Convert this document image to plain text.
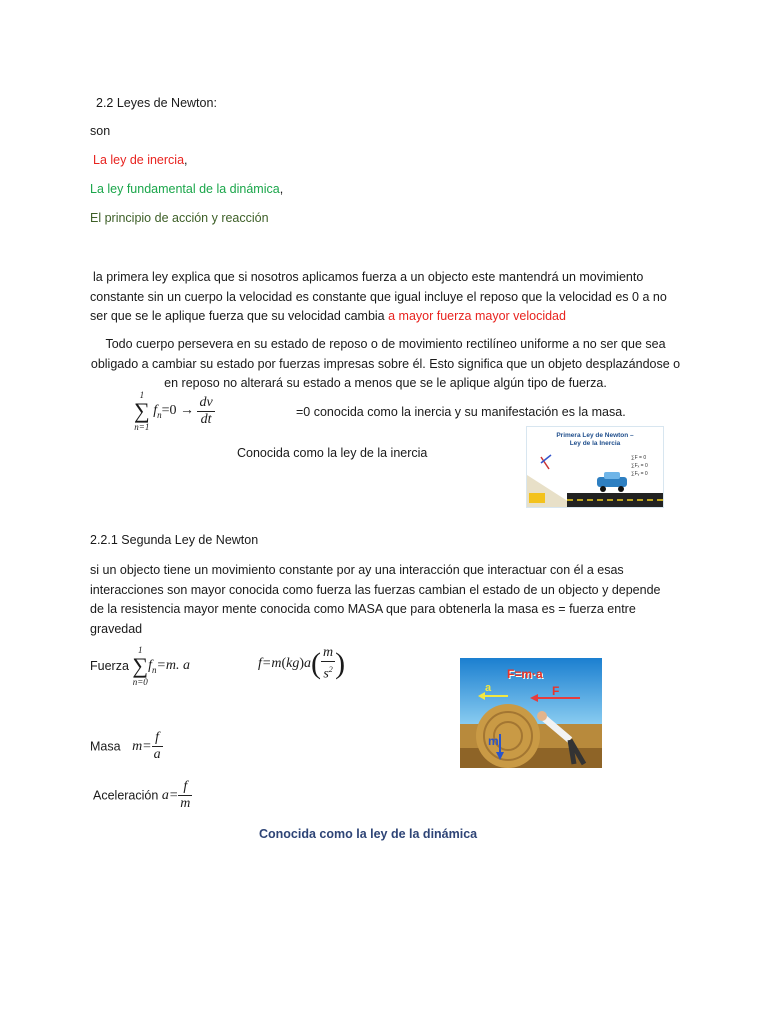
2.2 Leyes de Newton:
son
La ley de inercia,
La ley fundamental de la dinámica,
El principio de acción y reacción
la primera ley explica que si nosotros aplicamos fuerza a un objecto este mantendrá un movimiento constante sin un cuerpo la velocidad es constante que igual incluye el reposo que la velocidad es 0 a no ser que se le aplique fuerza que su velocidad cambia a mayor fuerza mayor velocidad
Todo cuerpo persevera en su estado de reposo o de movimiento rectilíneo uniforme a no ser que sea obligado a cambiar su estado por fuerzas impresas sobre él. Esto significa que un objeto desplazándose o en reposo no alterará su estado a menos que se le aplique algún tipo de fuerza.
1
∑
n=1
$f_n=0 \to \frac{dv}{dt}$	=0 conocida como la inercia y su manifestación es la masa.
Conocida como la ley de la inercia
Primera Ley de Newton –
Ley de la Inercia
∑F = 0
∑Fₓ = 0
∑Fᵧ = 0
2.2.1 Segunda Ley de Newton
si un objecto tiene un movimiento constante por ay una interacción que interactuar con él a esas interacciones son mayor conocida como fuerza las fuerzas cambian el estado de un objecto y depende de la resistencia mayor mente conocida como MASA que para obtenerla la masa es = fuerza entre gravedad
Fuerza
1
∑
n=0
$f_n=m$. a	$f=m(kg)a( \frac{m}{s^2}$ )
Masa $m= \frac{f}{a}$
Aceleración $a= \frac{f}{m}$
F=m·a
a	F
m
Conocida como la ley de la dinámica
